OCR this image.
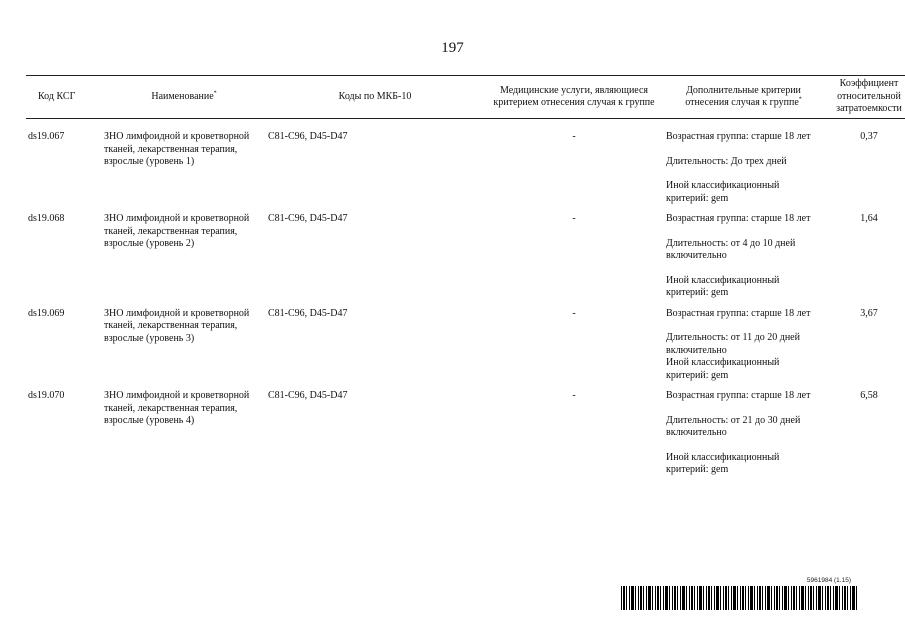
197
Код КСГ	Наименование*	Коды по МКБ-10	Медицинские услуги, являющиеся критерием отнесения случая к группе	Дополнительные критерии отнесения случая к группе*	Коэффициент относительной затратоемкости
ds19.067	ЗНО лимфоидной и кроветворной тканей, лекарственная терапия, взрослые (уровень 1)	C81-C96, D45-D47	-	Возрастная группа: старше 18 лет
Длительность: До трех дней
Иной классификационный критерий: gem	0,37
ds19.068	ЗНО лимфоидной и кроветворной тканей, лекарственная терапия, взрослые (уровень 2)	C81-C96, D45-D47	-	Возрастная группа: старше 18 лет
Длительность: от 4 до 10 дней включительно
Иной классификационный критерий: gem	1,64
ds19.069	ЗНО лимфоидной и кроветворной тканей, лекарственная терапия, взрослые (уровень 3)	C81-C96, D45-D47	-	Возрастная группа: старше 18 лет
Длительность: от 11 до 20 дней включительно
Иной классификационный критерий: gem	3,67
ds19.070	ЗНО лимфоидной и кроветворной тканей, лекарственная терапия, взрослые (уровень 4)	C81-C96, D45-D47	-	Возрастная группа: старше 18 лет
Длительность: от 21 до 30 дней включительно
Иной классификационный критерий: gem	6,58
5961984 (1.15)
